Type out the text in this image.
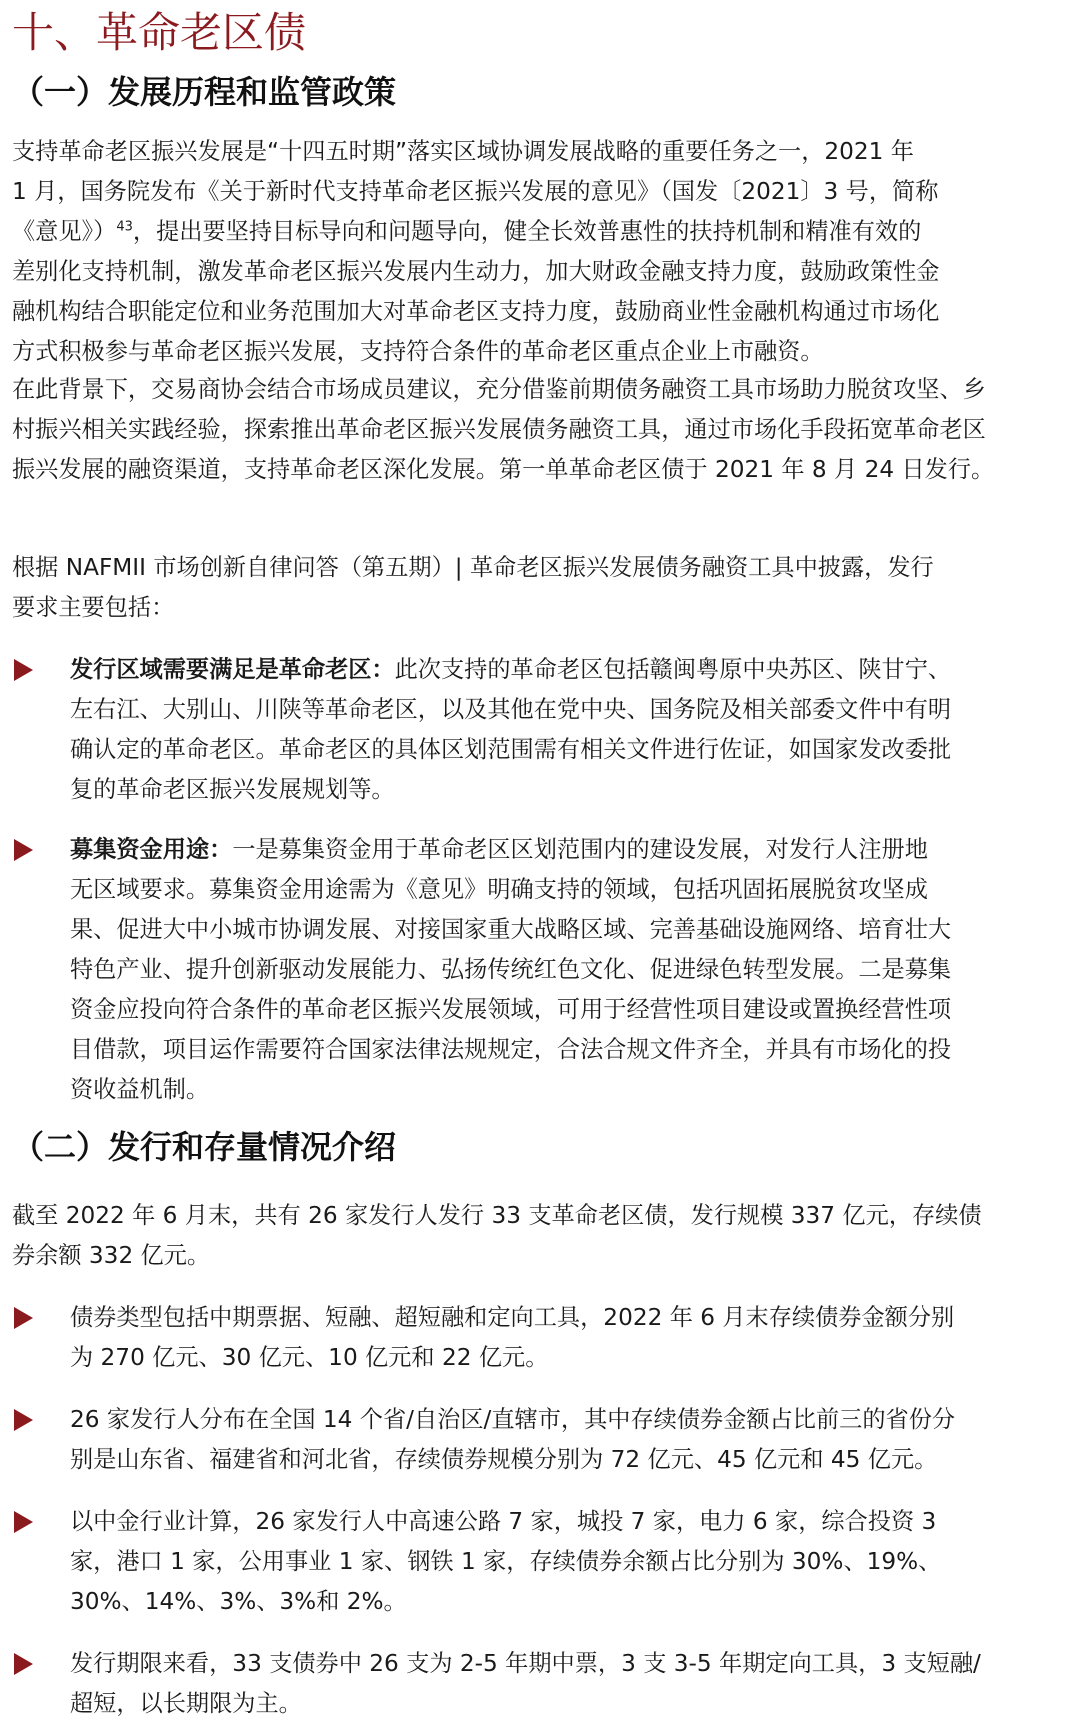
十、革命老区债
（一）发展历程和监管政策

支持革命老区振兴发展是“十四五时期”落实区域协调发展战略的重要任务之一，2021 年
1 月，国务院发布《关于新时代支持革命老区振兴发展的意见》（国发〔2021〕3 号，简称
《意见》）$^{43}$，提出要坚持目标导向和问题导向，健全长效普惠性的扶持机制和精准有效的
差别化支持机制，激发革命老区振兴发展内生动力，加大财政金融支持力度，鼓励政策性金
融机构结合职能定位和业务范围加大对革命老区支持力度，鼓励商业性金融机构通过市场化
方式积极参与革命老区振兴发展，支持符合条件的革命老区重点企业上市融资。

在此背景下，交易商协会结合市场成员建议，充分借鉴前期债务融资工具市场助力脱贫攻坚、乡
村振兴相关实践经验，探索推出革命老区振兴发展债务融资工具，通过市场化手段拓宽革命老区
振兴发展的融资渠道，支持革命老区深化发展。第一单革命老区债于 2021 年 8 月 24 日发行。

根据 NAFMII 市场创新自律问答（第五期）| 革命老区振兴发展债务融资工具中披露，发行
要求主要包括：

发行区域需要满足是革命老区：此次支持的革命老区包括赣闽粤原中央苏区、陕甘宁、
左右江、大别山、川陕等革命老区，以及其他在党中央、国务院及相关部委文件中有明
确认定的革命老区。革命老区的具体区划范围需有相关文件进行佐证，如国家发改委批
复的革命老区振兴发展规划等。

募集资金用途：一是募集资金用于革命老区区划范围内的建设发展，对发行人注册地
无区域要求。募集资金用途需为《意见》明确支持的领域，包括巩固拓展脱贫攻坚成
果、促进大中小城市协调发展、对接国家重大战略区域、完善基础设施网络、培育壮大
特色产业、提升创新驱动发展能力、弘扬传统红色文化、促进绿色转型发展。二是募集
资金应投向符合条件的革命老区振兴发展领域，可用于经营性项目建设或置换经营性项
目借款，项目运作需要符合国家法律法规规定，合法合规文件齐全，并具有市场化的投
资收益机制。

（二）发行和存量情况介绍

截至 2022 年 6 月末，共有 26 家发行人发行 33 支革命老区债，发行规模 337 亿元，存续债
券余额 332 亿元。

债券类型包括中期票据、短融、超短融和定向工具，2022 年 6 月末存续债券金额分别
为 270 亿元、30 亿元、10 亿元和 22 亿元。

26 家发行人分布在全国 14 个省/自治区/直辖市，其中存续债券金额占比前三的省份分
别是山东省、福建省和河北省，存续债券规模分别为 72 亿元、45 亿元和 45 亿元。

以中金行业计算，26 家发行人中高速公路 7 家，城投 7 家，电力 6 家，综合投资 3
家，港口 1 家，公用事业 1 家、钢铁 1 家，存续债券余额占比分别为 30%、19%、
30%、14%、3%、3%和 2%。

发行期限来看，33 支债券中 26 支为 2-5 年期中票，3 支 3-5 年期定向工具，3 支短融/
超短，以长期限为主。
